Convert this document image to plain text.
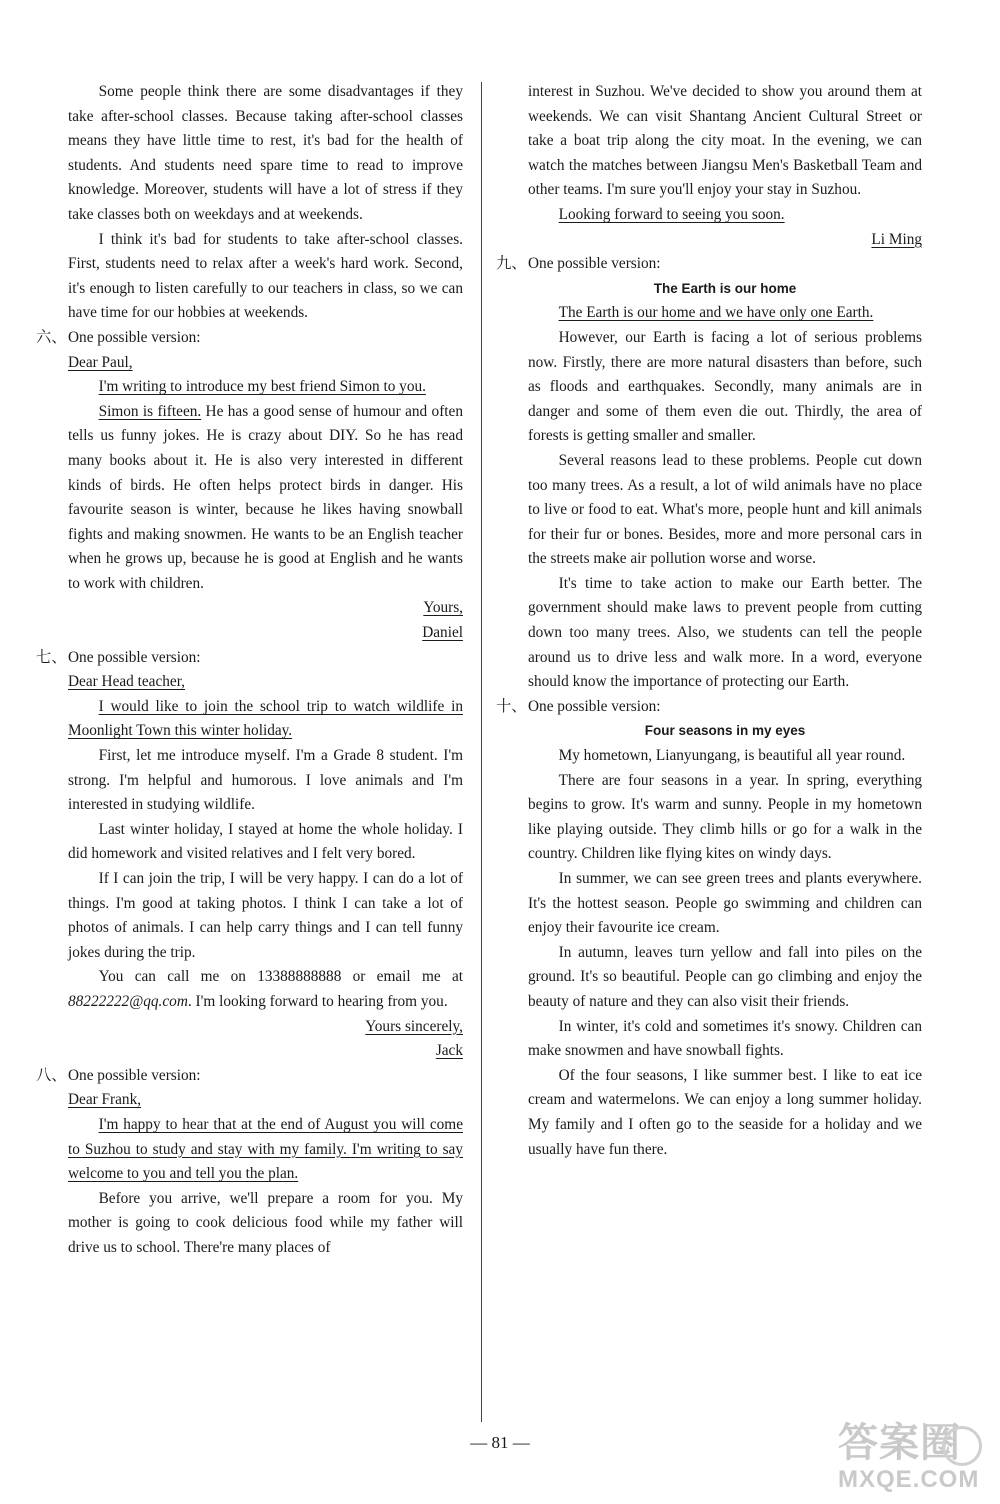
Some people think there are some disadvantages if they take after-school classes. Because taking after-school classes means they have little time to rest, it's bad for the health of students. And students need spare time to read to improve knowledge. Moreover, students will have a lot of stress if they take classes both on weekdays and at weekends.

I think it's bad for students to take after-school classes. First, students need to relax after a week's hard work. Second, it's enough to listen carefully to our teachers in class, so we can have time for our hobbies at weekends.

六、One possible version:

Dear Paul,

I'm writing to introduce my best friend Simon to you.

Simon is fifteen. He has a good sense of humour and often tells us funny jokes. He is crazy about DIY. So he has read many books about it. He is also very interested in different kinds of birds. He often helps protect birds in danger. His favourite season is winter, because he likes having snowball fights and making snowmen. He wants to be an English teacher when he grows up, because he is good at English and he wants to work with children.

Yours,

Daniel

七、One possible version:

Dear Head teacher,

I would like to join the school trip to watch wildlife in Moonlight Town this winter holiday.

First, let me introduce myself. I'm a Grade 8 student. I'm strong. I'm helpful and humorous. I love animals and I'm interested in studying wildlife.

Last winter holiday, I stayed at home the whole holiday. I did homework and visited relatives and I felt very bored.

If I can join the trip, I will be very happy. I can do a lot of things. I'm good at taking photos. I think I can take a lot of photos of animals. I can help carry things and I can tell funny jokes during the trip.

You can call me on 13388888888 or email me at 88222222@qq.com. I'm looking forward to hearing from you.

Yours sincerely,

Jack

八、One possible version:

Dear Frank,

I'm happy to hear that at the end of August you will come to Suzhou to study and stay with my family. I'm writing to say welcome to you and tell you the plan.

Before you arrive, we'll prepare a room for you. My mother is going to cook delicious food while my father will drive us to school. There're many places of

interest in Suzhou. We've decided to show you around them at weekends. We can visit Shantang Ancient Cultural Street or take a boat trip along the city moat. In the evening, we can watch the matches between Jiangsu Men's Basketball Team and other teams. I'm sure you'll enjoy your stay in Suzhou.

Looking forward to seeing you soon.

Li Ming

九、One possible version:

The Earth is our home

The Earth is our home and we have only one Earth.

However, our Earth is facing a lot of serious problems now. Firstly, there are more natural disasters than before, such as floods and earthquakes. Secondly, many animals are in danger and some of them even die out. Thirdly, the area of forests is getting smaller and smaller.

Several reasons lead to these problems. People cut down too many trees. As a result, a lot of wild animals have no place to live or food to eat. What's more, people hunt and kill animals for their fur or bones. Besides, more and more personal cars in the streets make air pollution worse and worse.

It's time to take action to make our Earth better. The government should make laws to prevent people from cutting down too many trees. Also, we students can tell the people around us to drive less and walk more. In a word, everyone should know the importance of protecting our Earth.

十、One possible version:

Four seasons in my eyes

My hometown, Lianyungang, is beautiful all year round.

There are four seasons in a year. In spring, everything begins to grow. It's warm and sunny. People in my hometown like playing outside. They climb hills or go for a walk in the country. Children like flying kites on windy days.

In summer, we can see green trees and plants everywhere. It's the hottest season. People go swimming and children can enjoy their favourite ice cream.

In autumn, leaves turn yellow and fall into piles on the ground. It's so beautiful. People can go climbing and enjoy the beauty of nature and they can also visit their friends.

In winter, it's cold and sometimes it's snowy. Children can make snowmen and have snowball fights.

Of the four seasons, I like summer best. I like to eat ice cream and watermelons. We can enjoy a long summer holiday. My family and I often go to the seaside for a holiday and we usually have fun there.

— 81 —	答案圈
MXQE.COM
